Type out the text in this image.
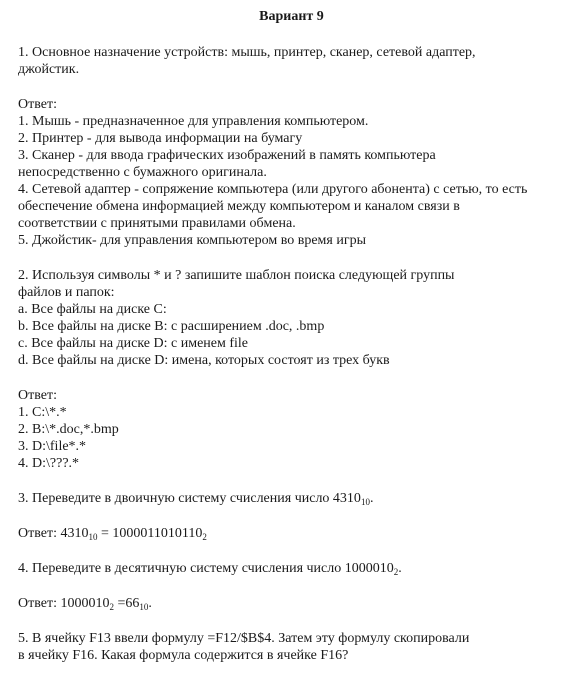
Вариант 9
1. Основное назначение устройств: мышь, принтер, сканер, сетевой адаптер,
джойстик.
Ответ:
1. Мышь - предназначенное для управления компьютером.
2. Принтер - для вывода информации на бумагу
3. Сканер - для ввода графических изображений в память компьютера
непосредственно с бумажного оригинала.
4. Сетевой адаптер - сопряжение компьютера (или другого абонента) с сетью, то есть
обеспечение обмена информацией между компьютером и каналом связи в
соответствии с принятыми правилами обмена.
5. Джойстик- для управления компьютером во время игры
2. Используя символы * и ? запишите шаблон поиска следующей группы
файлов и папок:
a. Все файлы на диске С:
b. Все файлы на диске В: с расширением .doc, .bmp
c. Все файлы на диске D: с именем file
d. Все файлы на диске D: имена, которых состоят из трех букв
Ответ:
1. C:\*.*
2. B:\*.doc,*.bmp
3. D:\file*.*
4. D:\???.*
3. Переведите в двоичную систему счисления число $4310_{10}$.
Ответ: $4310_{10} = 1000011010110_2$
4. Переведите в десятичную систему счисления число $1000010_2$.
Ответ: $1000010_2 =66_{10}$.
5. В ячейку F13 ввели формулу =F12/$B$4. Затем эту формулу скопировали
в ячейку F16. Какая формула содержится в ячейке F16?
